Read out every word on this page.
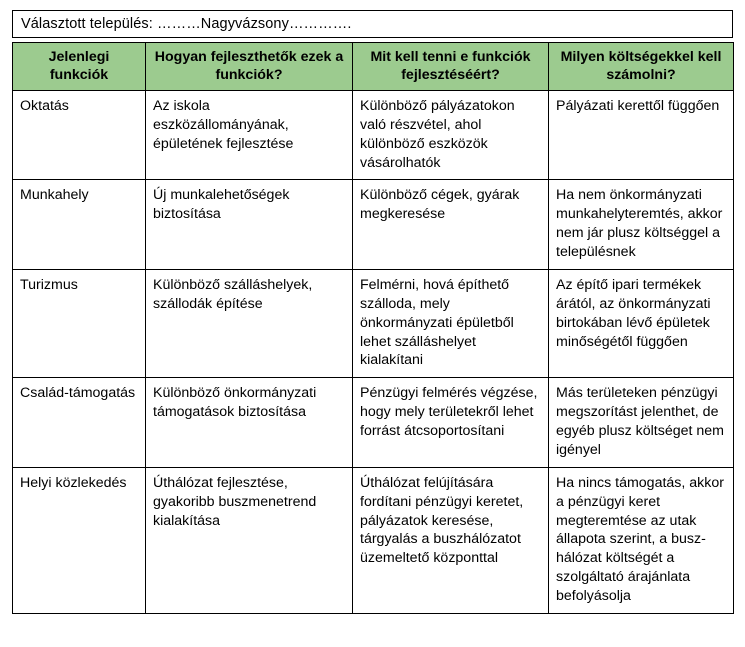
Választott település: ………Nagyvázsony………….
Jelenlegi funkciók	Hogyan fejleszthetők ezek a funkciók?	Mit kell tenni e funkciók fejlesztéséért?	Milyen költségekkel kell számolni?
Oktatás	Az iskola eszközállományának, épületének fejlesztése	Különböző pályázatokon való részvétel, ahol különböző eszközök vásárolhatók	Pályázati kerettől függően
Munkahely	Új munkalehetőségek biztosítása	Különböző cégek, gyárak megkeresése	Ha nem önkormányzati munkahelyteremtés, akkor nem jár plusz költséggel a településnek
Turizmus	Különböző szálláshelyek, szállodák építése	Felmérni, hová építhető szálloda, mely önkormányzati épületből lehet szálláshelyet kialakítani	Az építő ipari termékek árától, az önkormányzati birtokában lévő épületek minőségétől függően
Család-támogatás	Különböző önkormányzati támogatások biztosítása	Pénzügyi felmérés végzése, hogy mely területekről lehet forrást átcsoportosítani	Más területeken pénzügyi megszorítást jelenthet, de egyéb plusz költséget nem igényel
Helyi közlekedés	Úthálózat fejlesztése, gyakoribb buszmenetrend kialakítása	Úthálózat felújítására fordítani pénzügyi keretet, pályázatok keresése, tárgyalás a buszhálózatot üzemeltető központtal	Ha nincs támogatás, akkor a pénzügyi keret megteremtése az utak állapota szerint, a busz-hálózat költségét a szolgáltató árajánlata befolyásolja
